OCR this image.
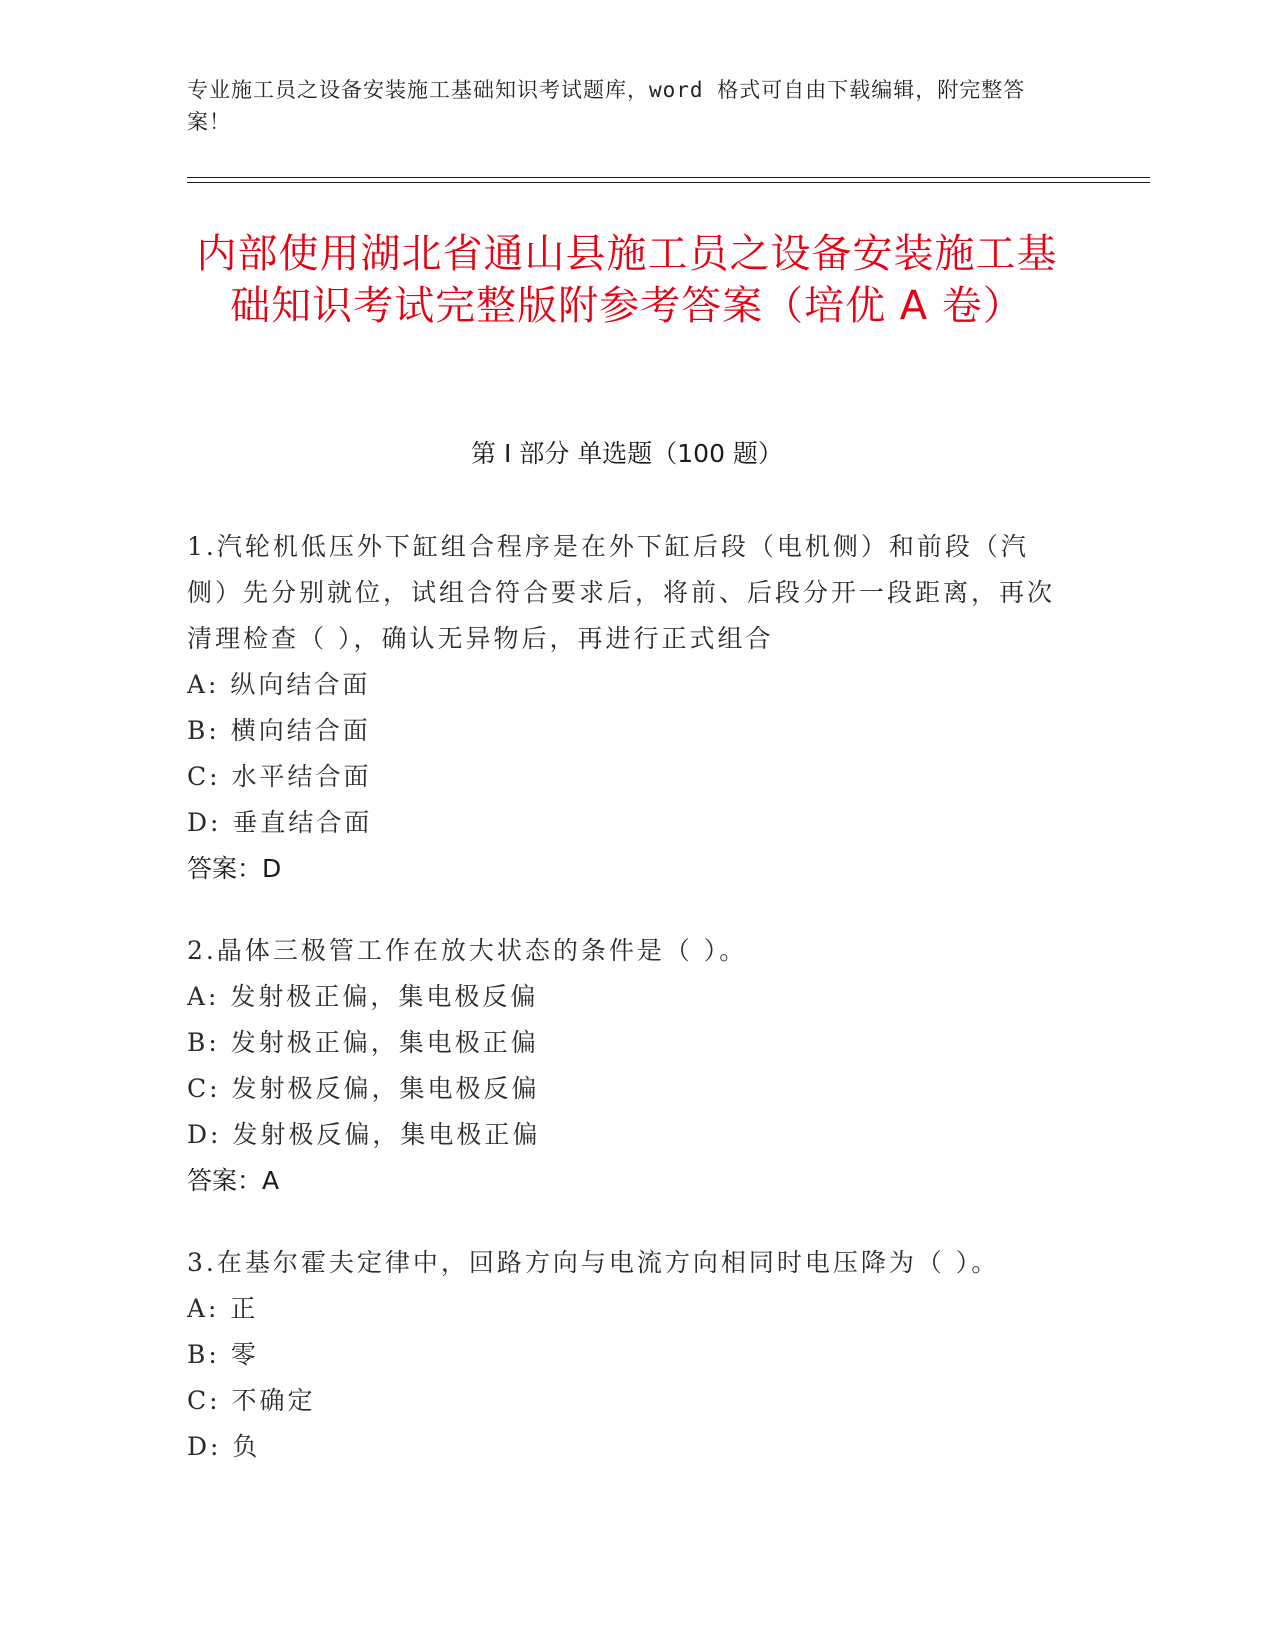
专业施工员之设备安装施工基础知识考试题库，word 格式可自由下载编辑，附完整答案！
内部使用湖北省通山县施工员之设备安装施工基础知识考试完整版附参考答案（培优 A 卷）
第 I 部分 单选题（100 题）
1.汽轮机低压外下缸组合程序是在外下缸后段（电机侧）和前段（汽侧）先分别就位，试组合符合要求后，将前、后段分开一段距离，再次清理检查（ ），确认无异物后，再进行正式组合
A: 纵向结合面
B: 横向结合面
C: 水平结合面
D: 垂直结合面
答案：D
2.晶体三极管工作在放大状态的条件是（ ）。
A: 发射极正偏，集电极反偏
B: 发射极正偏，集电极正偏
C: 发射极反偏，集电极反偏
D: 发射极反偏，集电极正偏
答案：A
3.在基尔霍夫定律中，回路方向与电流方向相同时电压降为（ ）。
A: 正
B: 零
C: 不确定
D: 负
